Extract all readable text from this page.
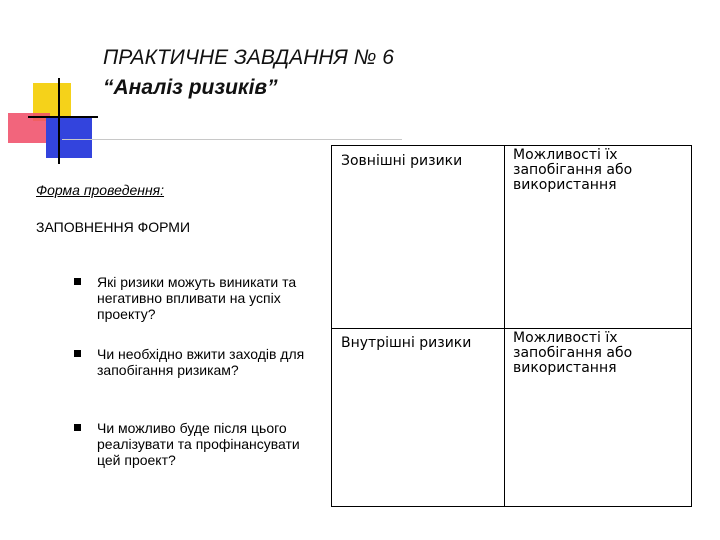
ПРАКТИЧНЕ ЗАВДАННЯ № 6
“Аналіз ризиків”
Форма проведення:
ЗАПОВНЕННЯ ФОРМИ
Які ризики можуть виникати та негативно впливати на успіх проекту?
Чи необхідно вжити заходів для запобігання ризикам?
Чи можливо буде після цього реалізувати та профінансувати цей проект?
Зовнішні ризики	Можливості їх запобігання або використання
Внутрішні ризики	Можливості їх запобігання або використання
